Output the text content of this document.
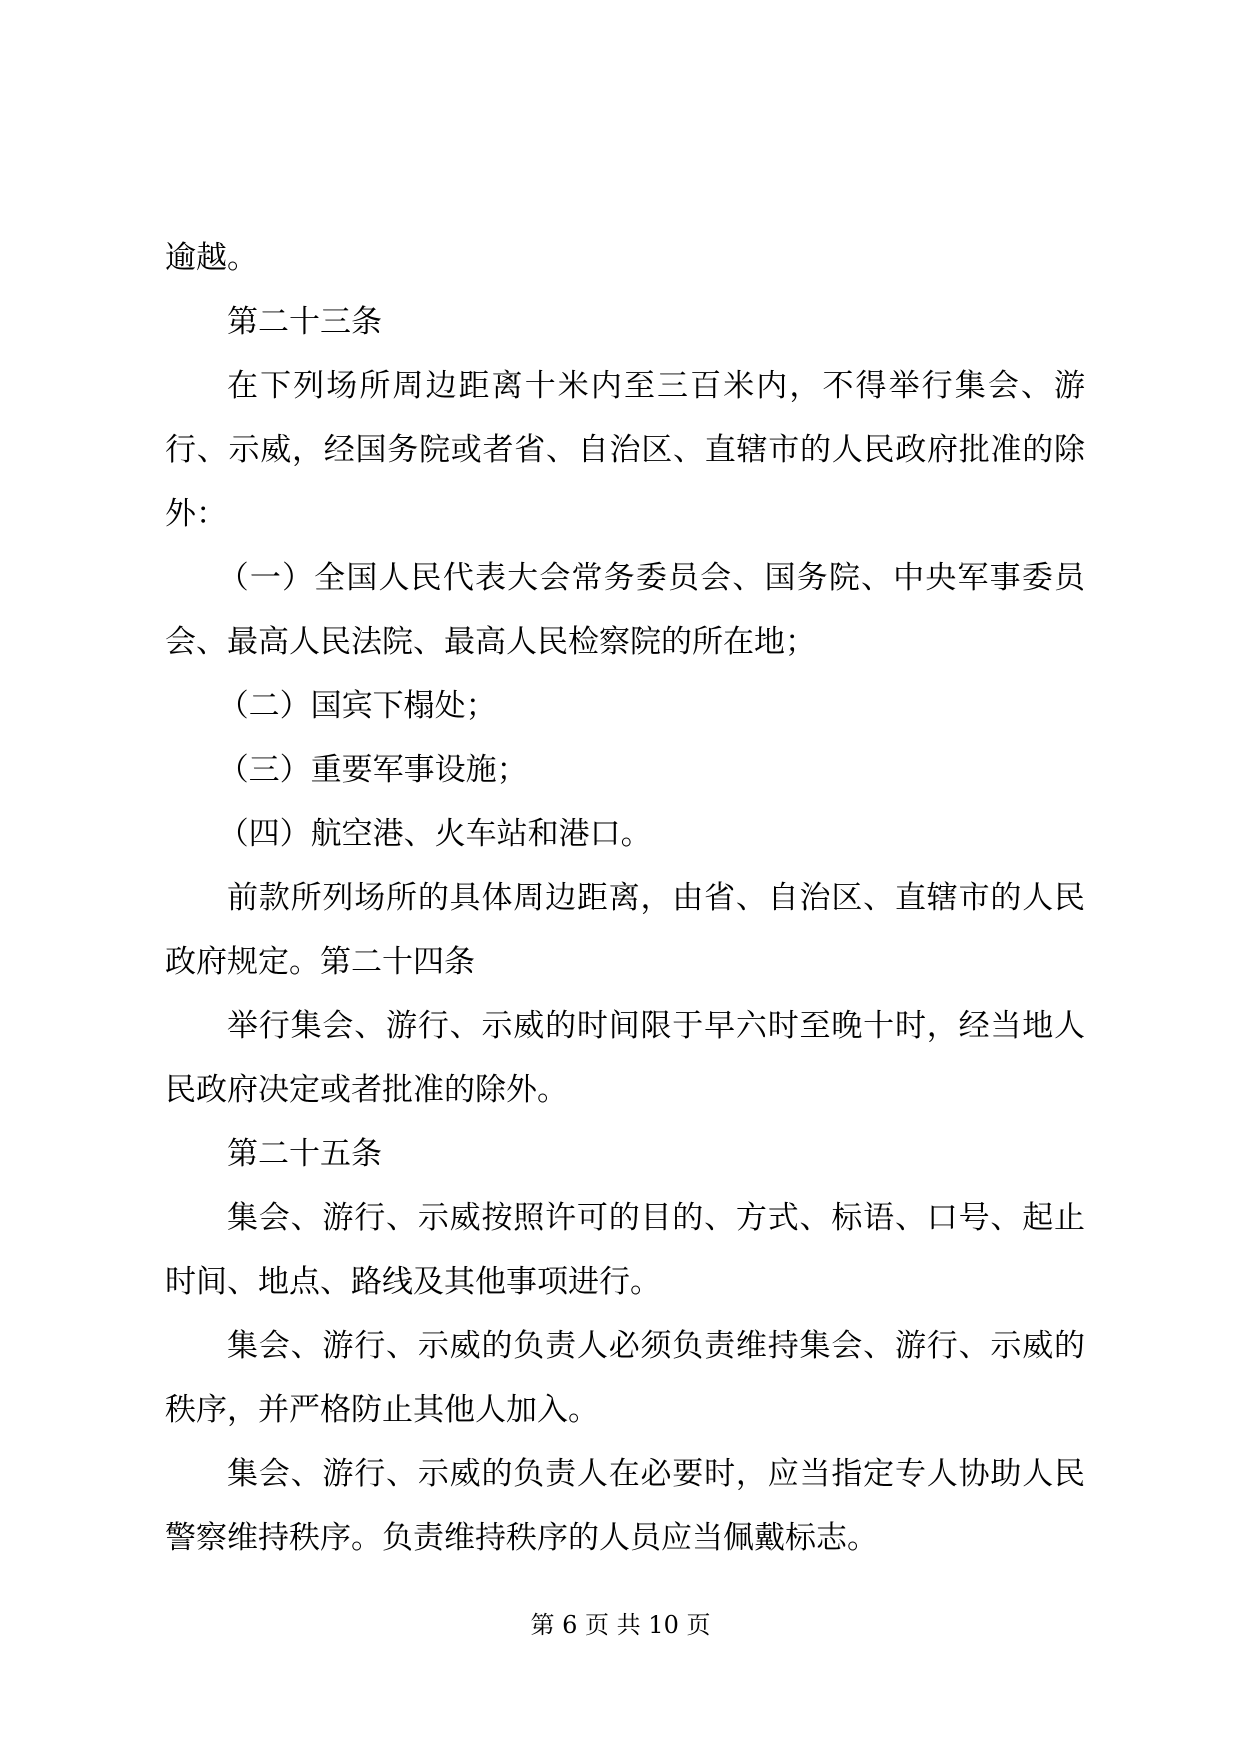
逾越。

第二十三条

在下列场所周边距离十米内至三百米内，不得举行集会、游行、示威，经国务院或者省、自治区、直辖市的人民政府批准的除外：

（一）全国人民代表大会常务委员会、国务院、中央军事委员会、最高人民法院、最高人民检察院的所在地；

（二）国宾下榻处；

（三）重要军事设施；

（四）航空港、火车站和港口。

前款所列场所的具体周边距离，由省、自治区、直辖市的人民政府规定。第二十四条

举行集会、游行、示威的时间限于早六时至晚十时，经当地人民政府决定或者批准的除外。

第二十五条

集会、游行、示威按照许可的目的、方式、标语、口号、起止时间、地点、路线及其他事项进行。

集会、游行、示威的负责人必须负责维持集会、游行、示威的秩序，并严格防止其他人加入。

集会、游行、示威的负责人在必要时，应当指定专人协助人民警察维持秩序。负责维持秩序的人员应当佩戴标志。

第 6 页 共 10 页
